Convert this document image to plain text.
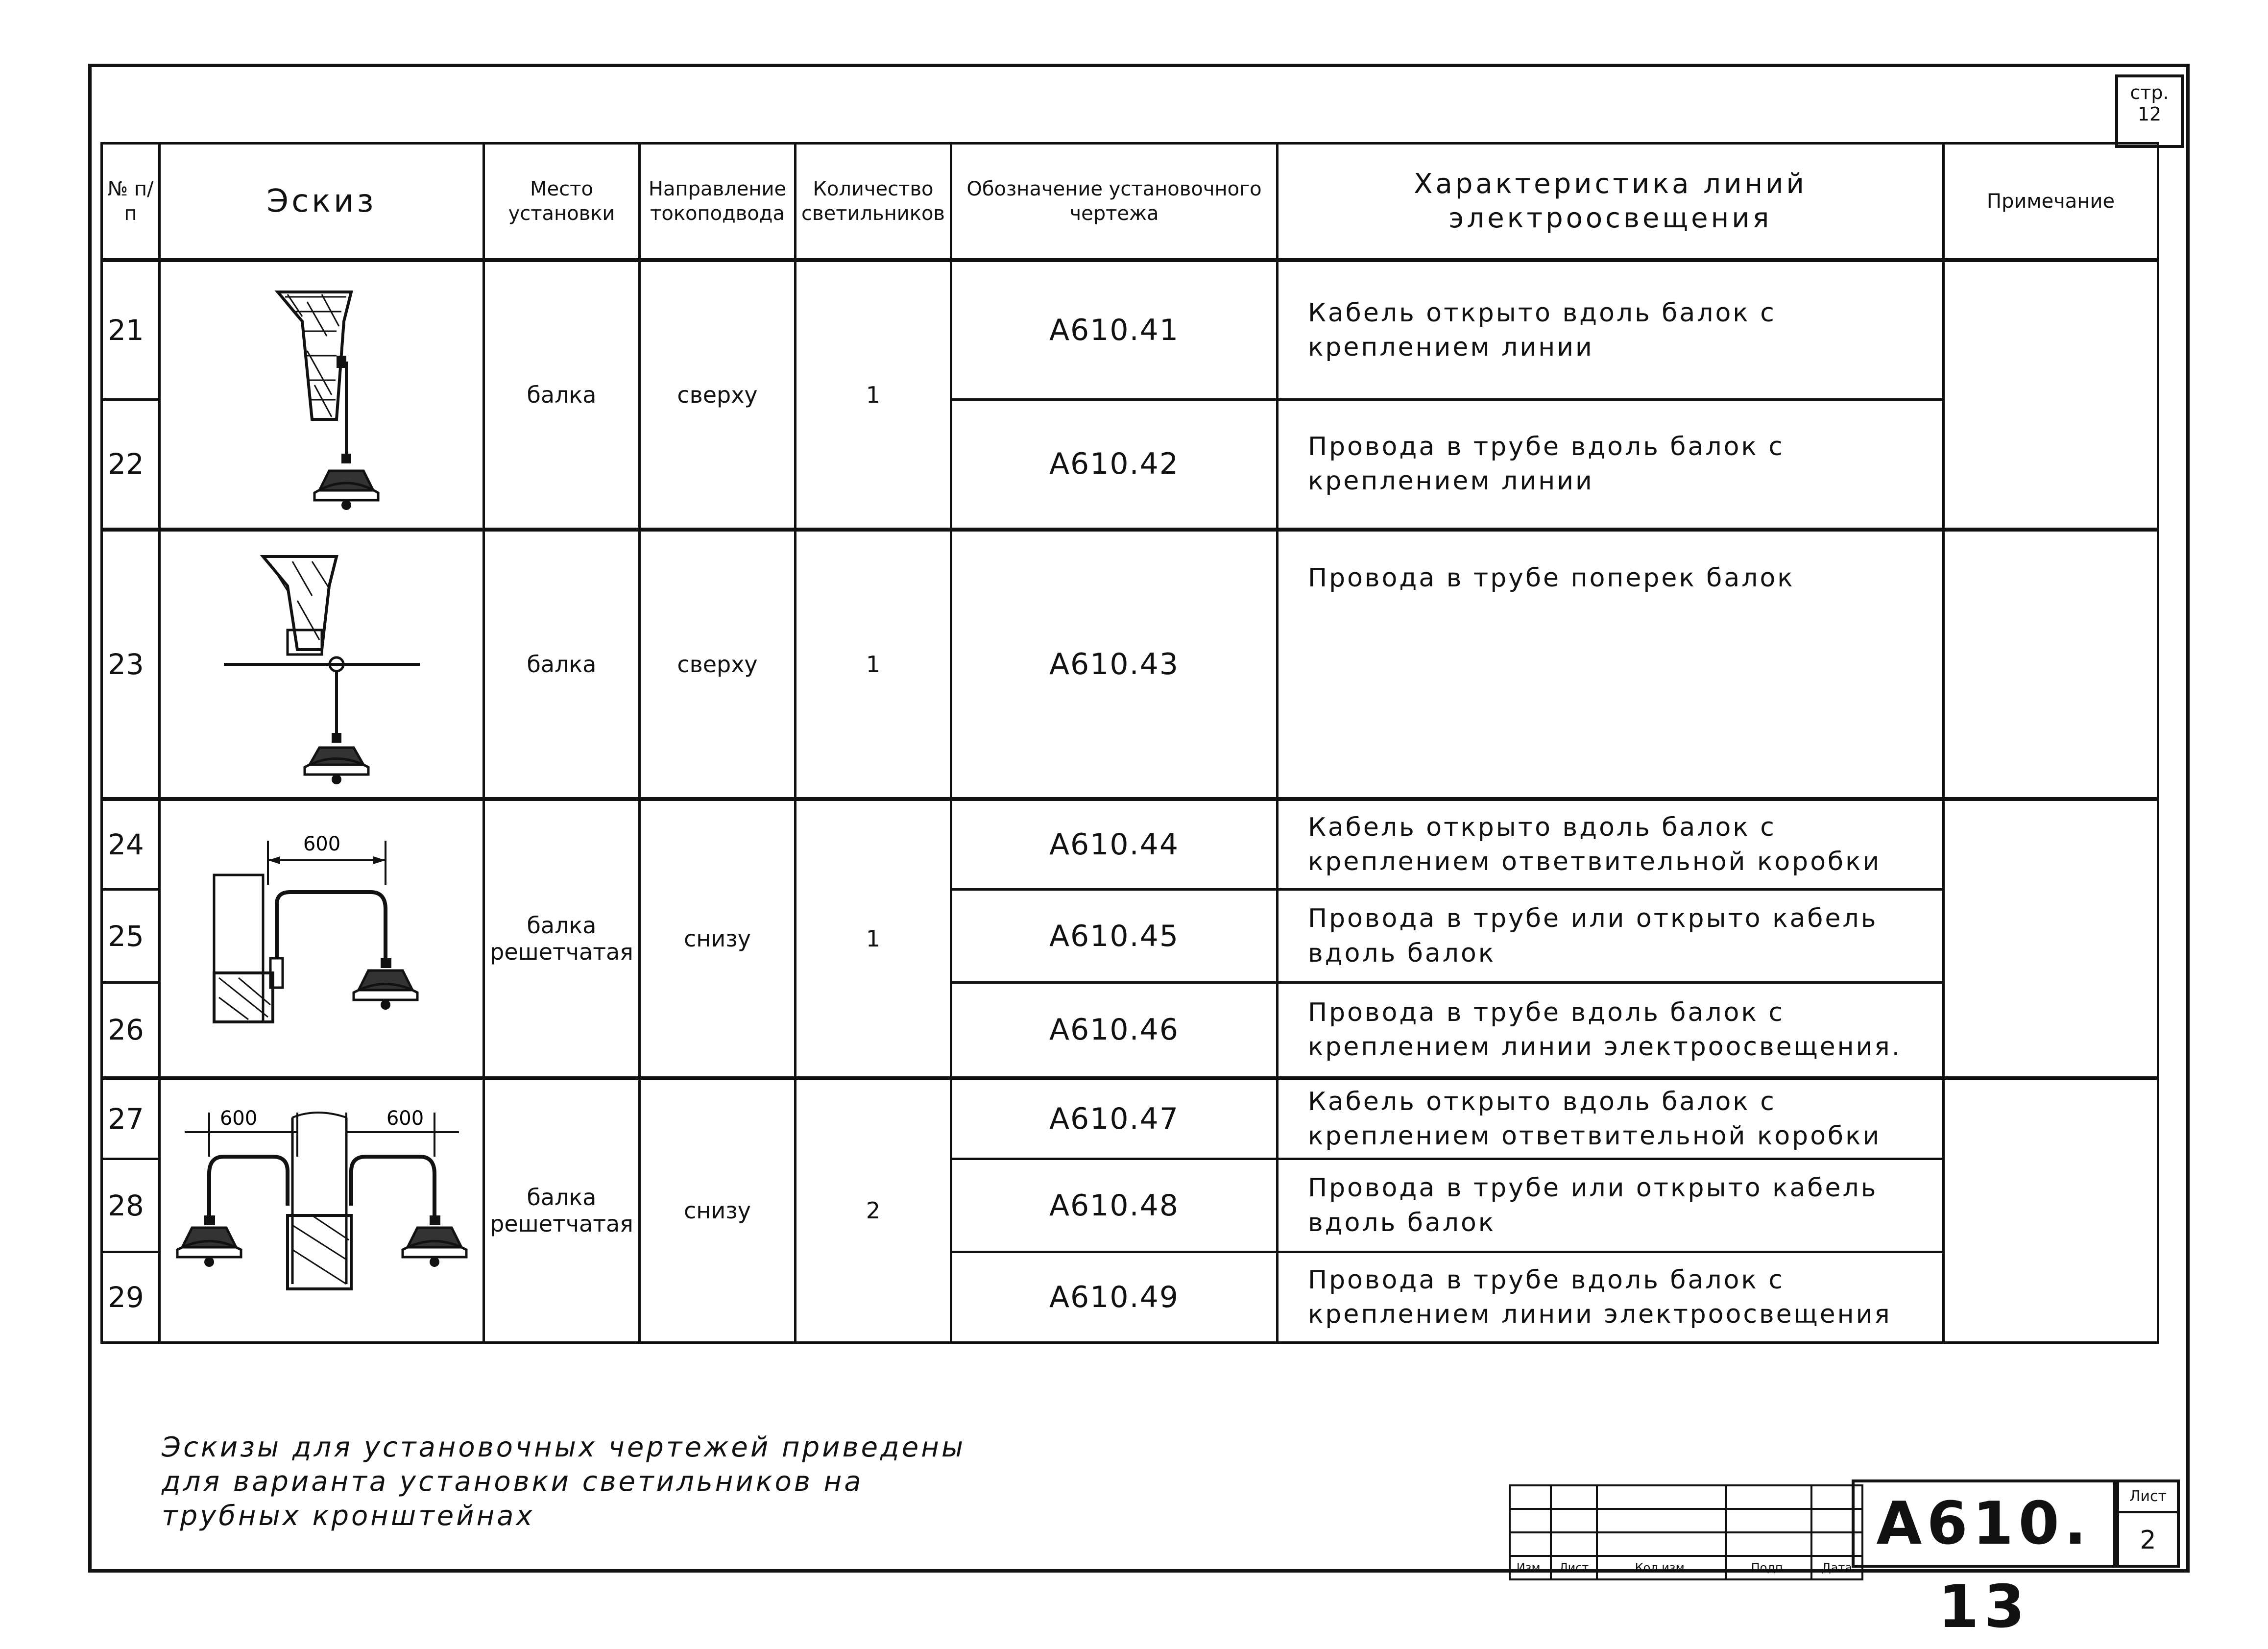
стр.
12
№ п/п	Эскиз	Место установки	Направление токоподвода	Количество светильников	Обозначение установочного чертежа	Характеристика линий электроосвещения	Примечание
21		балка	сверху	1	А610.41	Кабель открыто вдоль балок с креплением линии	
22					А610.42	Провода в трубе вдоль балок с креплением линии	
23		балка	сверху	1	А610.43	Провода в трубе поперек балок	
24	600	балка решетчатая	снизу	1	А610.44	Кабель открыто вдоль балок с креплением ответвительной коробки	
25					А610.45	Провода в трубе или открыто кабель вдоль балок	
26					А610.46	Провода в трубе вдоль балок с креплением линии электроосвещения.	
27	600 600	балка решетчатая	снизу	2	А610.47	Кабель открыто вдоль балок с креплением ответвительной коробки	
28					А610.48	Провода в трубе или открыто кабель вдоль балок	
29					А610.49	Провода в трубе вдоль балок с креплением линии электроосвещения	
Эскизы для установочных чертежей приведены для варианта установки светильников на трубных кронштейнах

Изм.	Лист	Кол.изм.	Подп.	Дата
А610. 13
Лист
2
